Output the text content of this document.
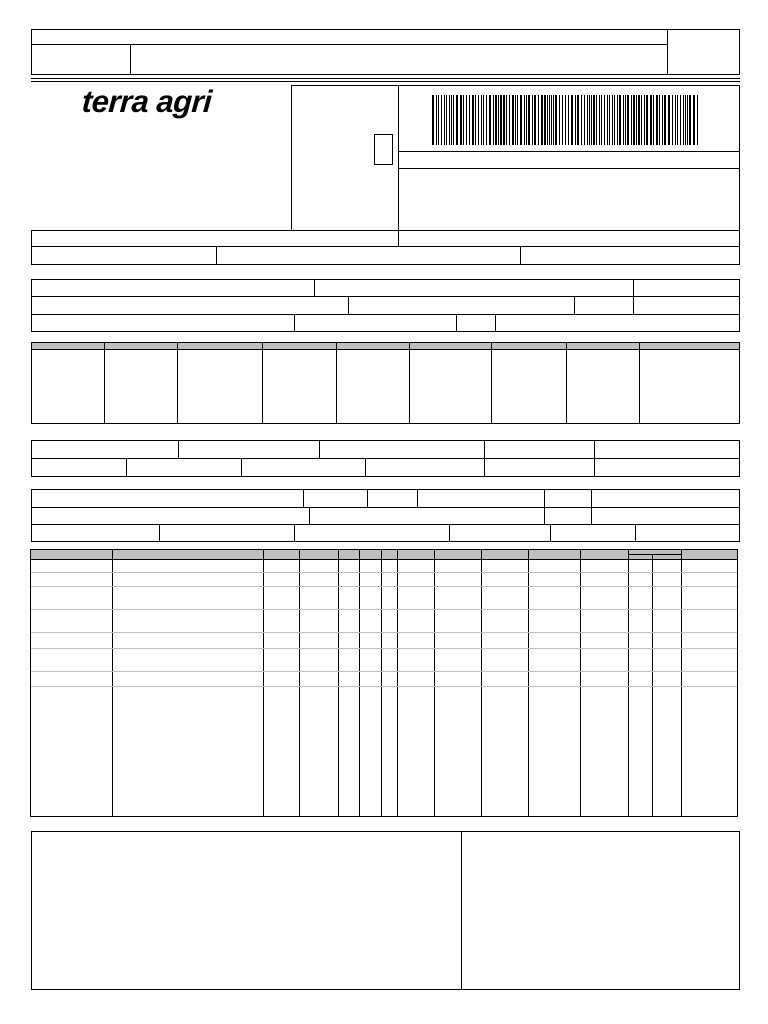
terra agri
